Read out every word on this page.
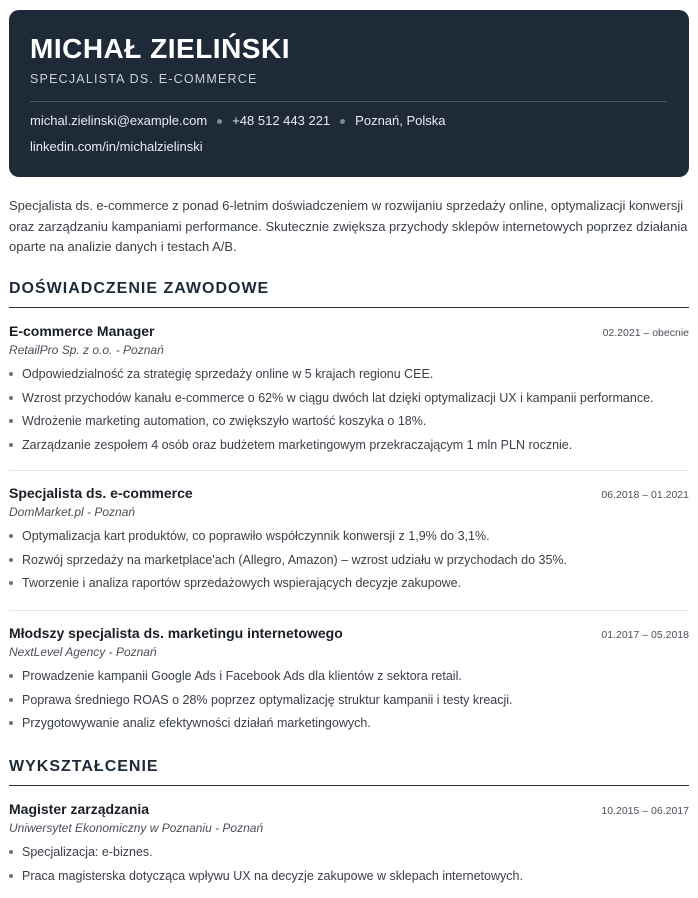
MICHAŁ ZIELIŃSKI
SPECJALISTA DS. E-COMMERCE
michal.zielinski@example.com +48 512 443 221 Poznań, Polska
linkedin.com/in/michalzielinski
Specjalista ds. e-commerce z ponad 6-letnim doświadczeniem w rozwijaniu sprzedaży online, optymalizacji konwersji oraz zarządzaniu kampaniami performance. Skutecznie zwiększa przychody sklepów internetowych poprzez działania oparte na analizie danych i testach A/B.
DOŚWIADCZENIE ZAWODOWE
E-commerce Manager	02.2021 – obecnie
RetailPro Sp. z o.o. - Poznań
Odpowiedzialność za strategię sprzedaży online w 5 krajach regionu CEE.
Wzrost przychodów kanału e-commerce o 62% w ciągu dwóch lat dzięki optymalizacji UX i kampanii performance.
Wdrożenie marketing automation, co zwiększyło wartość koszyka o 18%.
Zarządzanie zespołem 4 osób oraz budżetem marketingowym przekraczającym 1 mln PLN rocznie.
Specjalista ds. e-commerce	06.2018 – 01.2021
DomMarket.pl - Poznań
Optymalizacja kart produktów, co poprawiło współczynnik konwersji z 1,9% do 3,1%.
Rozwój sprzedaży na marketplace'ach (Allegro, Amazon) – wzrost udziału w przychodach do 35%.
Tworzenie i analiza raportów sprzedażowych wspierających decyzje zakupowe.
Młodszy specjalista ds. marketingu internetowego	01.2017 – 05.2018
NextLevel Agency - Poznań
Prowadzenie kampanii Google Ads i Facebook Ads dla klientów z sektora retail.
Poprawa średniego ROAS o 28% poprzez optymalizację struktur kampanii i testy kreacji.
Przygotowywanie analiz efektywności działań marketingowych.
WYKSZTAŁCENIE
Magister zarządzania	10.2015 – 06.2017
Uniwersytet Ekonomiczny w Poznaniu - Poznań
Specjalizacja: e-biznes.
Praca magisterska dotycząca wpływu UX na decyzje zakupowe w sklepach internetowych.
